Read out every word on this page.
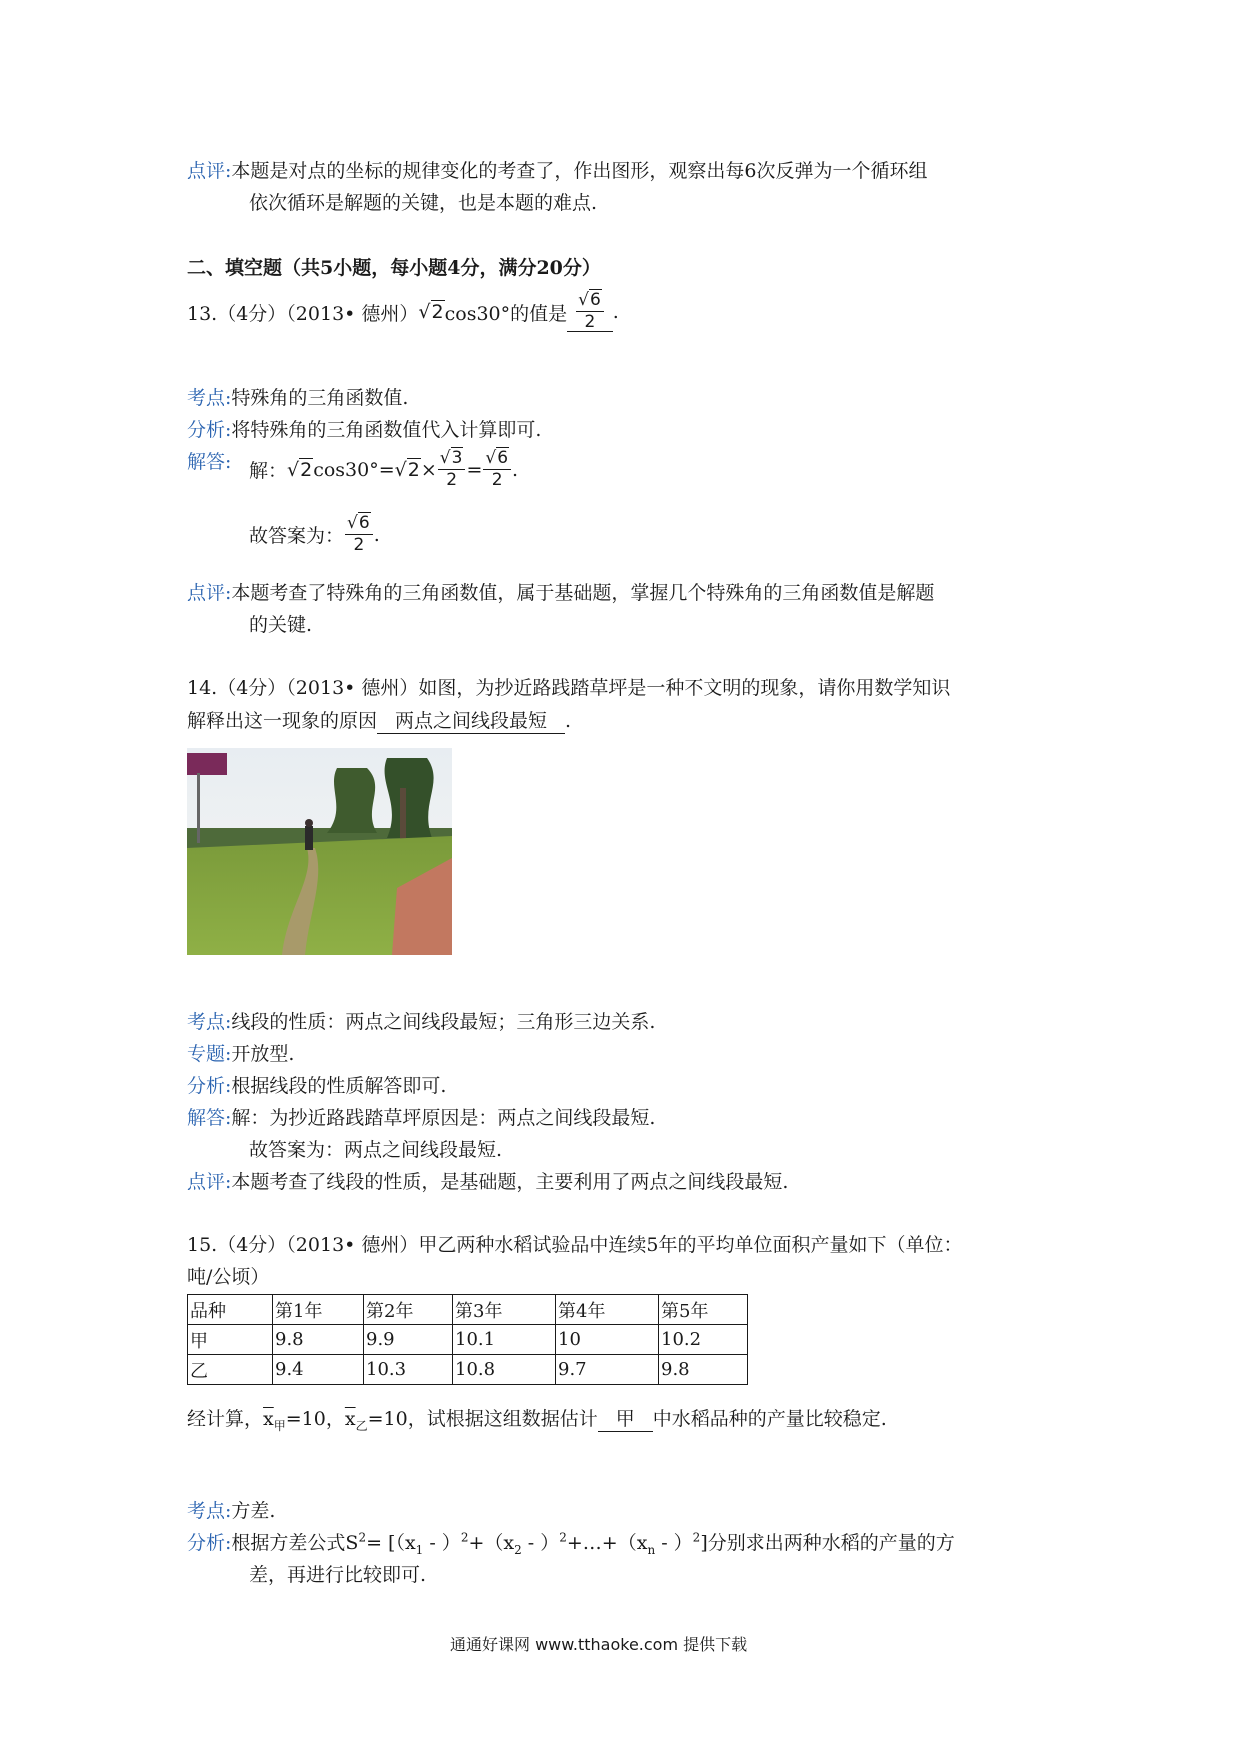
点评:本题是对点的坐标的规律变化的考查了，作出图形，观察出每6次反弹为一个循环组
依次循环是解题的关键，也是本题的难点.
二、填空题（共5小题，每小题4分，满分20分）
13.（4分）（2013• 德州） √2 cos30°的值是 $\frac{√6}{2}$ .
考点:特殊角的三角函数值.
分析:将特殊角的三角函数值代入计算即可.
解答: 解： √2 $\cos 30^\circ= √2 \times \frac{√3}{2} = \frac{√6}{2}$ .
故答案为： $\frac{√6}{2}$ .
点评:本题考查了特殊角的三角函数值，属于基础题，掌握几个特殊角的三角函数值是解题
的关键.
14.（4分）（2013• 德州）如图，为抄近路践踏草坪是一种不文明的现象，请你用数学知识
解释出这一现象的原因 两点之间线段最短 .
考点:线段的性质：两点之间线段最短；三角形三边关系.
专题:开放型.
分析:根据线段的性质解答即可.
解答:解：为抄近路践踏草坪原因是：两点之间线段最短.
故答案为：两点之间线段最短.
点评:本题考查了线段的性质，是基础题，主要利用了两点之间线段最短.
15.（4分）（2013• 德州）甲乙两种水稻试验品中连续5年的平均单位面积产量如下（单位：
吨/公顷）
品种	第1年	第2年	第3年	第4年	第5年
甲	9.8	9.9	10.1	10	10.2
乙	9.4	10.3	10.8	9.7	9.8
经计算，$\overline{x}_甲=10$，$\overline{x}_乙=10$，试根据这组数据估计 甲 中水稻品种的产量比较稳定.
考点:方差.
分析:根据方差公式$S^2= [(x_1 - )^2+(x_2$ - ）$^2+\dots+(x_n - )^2$]分别求出两种水稻的产量的方
差，再进行比较即可.
通通好课网 www.tthaoke.com 提供下载
